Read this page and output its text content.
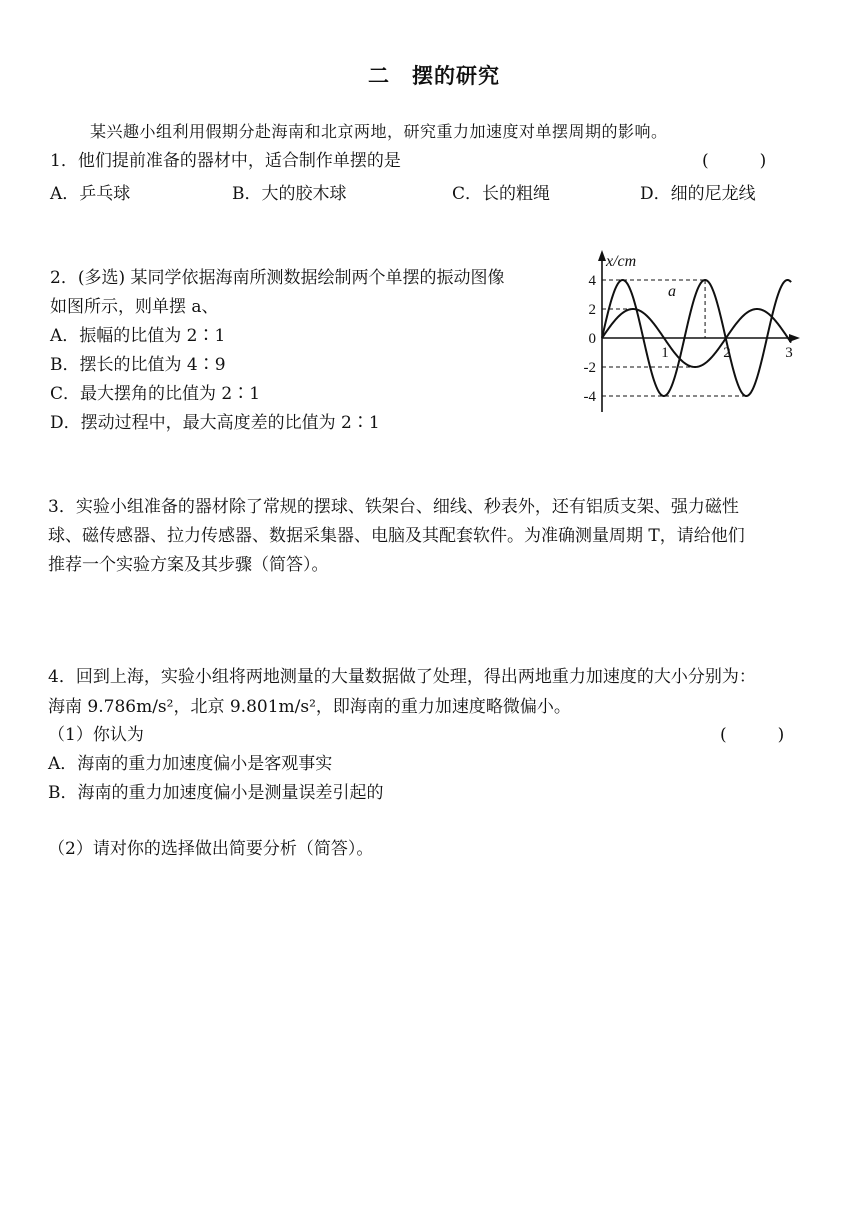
二　摆的研究
某兴趣小组利用假期分赴海南和北京两地，研究重力加速度对单摆周期的影响。
1．他们提前准备的器材中，适合制作单摆的是	(　　　)
A．乒乓球	B．大的胶木球	C．长的粗绳	D．细的尼龙线
2．(多选) 某同学依据海南所测数据绘制两个单摆的振动图像
如图所示，则单摆 a、
A．振幅的比值为 2∶1
B．摆长的比值为 4∶9
C．最大摆角的比值为 2∶1
D．摆动过程中，最大高度差的比值为 2∶1
x/cm
4
2
0
-2
-4
1	2	3
a
3．实验小组准备的器材除了常规的摆球、铁架台、细线、秒表外，还有铝质支架、强力磁性
球、磁传感器、拉力传感器、数据采集器、电脑及其配套软件。为准确测量周期 T，请给他们
推荐一个实验方案及其步骤（简答）。
4．回到上海，实验小组将两地测量的大量数据做了处理，得出两地重力加速度的大小分别为：
海南 9.786m/s²，北京 9.801m/s²，即海南的重力加速度略微偏小。
（1）你认为	(　　　)
A．海南的重力加速度偏小是客观事实
B．海南的重力加速度偏小是测量误差引起的
（2）请对你的选择做出简要分析（简答）。
